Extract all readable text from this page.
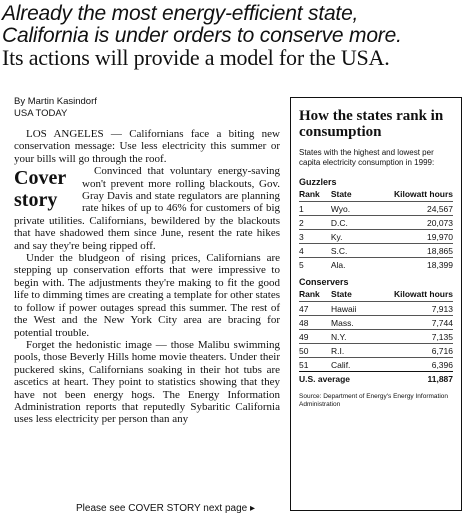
Already the most energy-efficient state,
California is under orders to conserve more.
Its actions will provide a model for the USA.
By Martin Kasindorf
USA TODAY

LOS ANGELES — Californians face a biting new conservation message: Use less electricity this summer or your bills will go through the roof.

Cover
story
Convinced that voluntary energy-saving won't prevent more rolling blackouts, Gov. Gray Davis and state regulators are planning rate hikes of up to 46% for customers of big private utilities. Californians, bewildered by the blackouts that have shadowed them since June, resent the rate hikes and say they're being ripped off.

Under the bludgeon of rising prices, Californians are stepping up conservation efforts that were impressive to begin with. The adjustments they're making to fit the good life to dimming times are creating a template for other states to follow if power outages spread this summer. The rest of the West and the New York City area are bracing for potential trouble.

Forget the hedonistic image — those Malibu swimming pools, those Beverly Hills home movie theaters. Under their puckered skins, Californians soaking in their hot tubs are ascetics at heart. They point to statistics showing that they have not been energy hogs. The Energy Information Administration reports that reputedly Sybaritic California uses less electricity per person than any

Please see COVER STORY next page ▸
How the states rank in consumption
States with the highest and lowest per capita electricity consumption in 1999:
Guzzlers
Rank	State	Kilowatt hours
1	Wyo.	24,567
2	D.C.	20,073
3	Ky.	19,970
4	S.C.	18,865
5	Ala.	18,399
Conservers
Rank	State	Kilowatt hours
47	Hawaii	7,913
48	Mass.	7,744
49	N.Y.	7,135
50	R.I.	6,716
51	Calif.	6,396
U.S. average		11,887
Source: Department of Energy's Energy Information Administration
